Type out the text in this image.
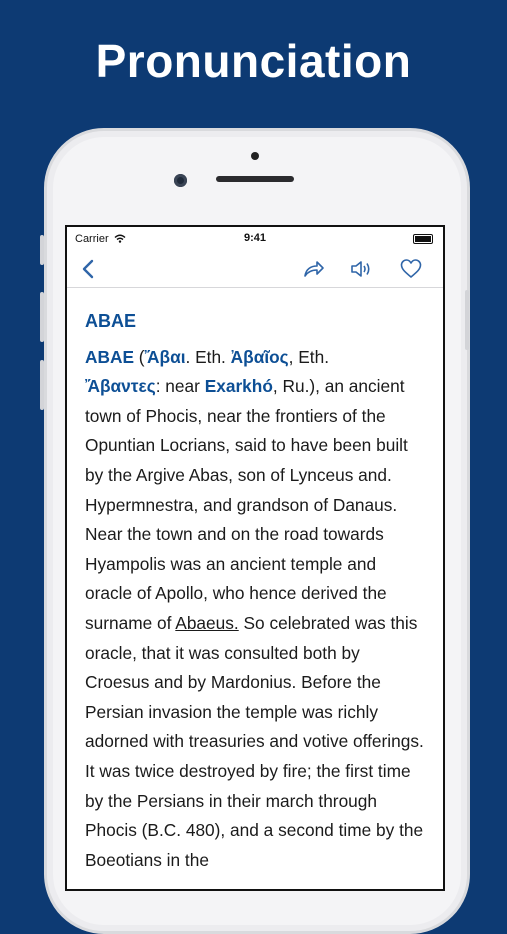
Pronunciation
Carrier	9:41
ABAE
ABAE (Ἄβαι. Eth. Ἀβαῖος, Eth.
Ἄβαντες: near Exarkhó, Ru.), an ancient town of Phocis, near the frontiers of the Opuntian Locrians, said to have been built by the Argive Abas, son of Lynceus and. Hypermnestra, and grandson of Danaus. Near the town and on the road towards Hyampolis was an ancient temple and oracle of Apollo, who hence derived the surname of Abaeus. So celebrated was this oracle, that it was consulted both by Croesus and by Mardonius. Before the Persian invasion the temple was richly adorned with treasuries and votive offerings. It was twice destroyed by fire; the first time by the Persians in their march through Phocis (B.C. 480), and a second time by the Boeotians in the
